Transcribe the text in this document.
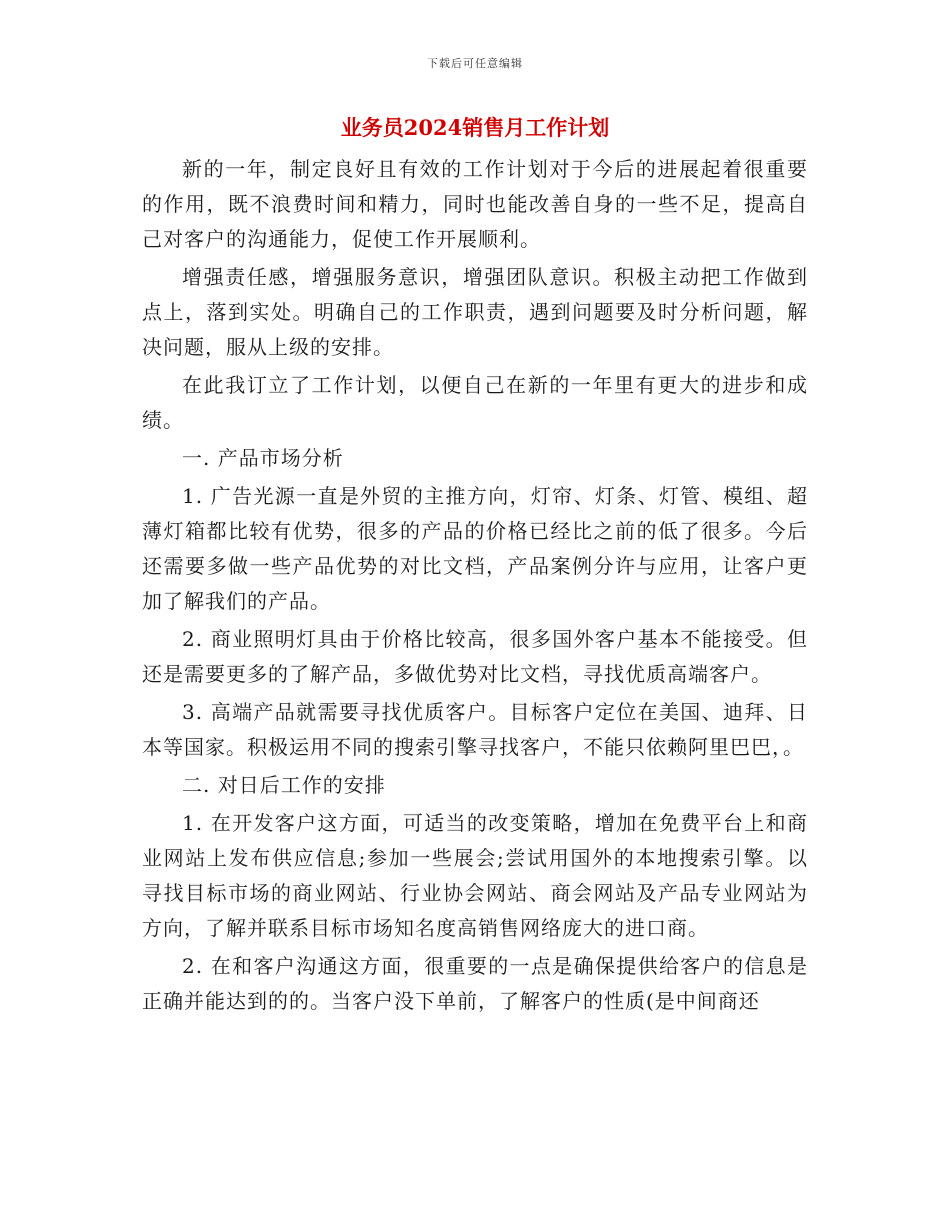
下载后可任意编辑
业务员2024销售月工作计划

新的一年，制定良好且有效的工作计划对于今后的进展起着很重要的作用，既不浪费时间和精力，同时也能改善自身的一些不足，提高自己对客户的沟通能力，促使工作开展顺利。

增强责任感，增强服务意识，增强团队意识。积极主动把工作做到点上，落到实处。明确自己的工作职责，遇到问题要及时分析问题，解决问题，服从上级的安排。

在此我订立了工作计划，以便自己在新的一年里有更大的进步和成绩。

一. 产品市场分析

1. 广告光源一直是外贸的主推方向，灯帘、灯条、灯管、模组、超薄灯箱都比较有优势，很多的产品的价格已经比之前的低了很多。今后还需要多做一些产品优势的对比文档，产品案例分许与应用，让客户更加了解我们的产品。

2. 商业照明灯具由于价格比较高，很多国外客户基本不能接受。但还是需要更多的了解产品，多做优势对比文档，寻找优质高端客户。

3. 高端产品就需要寻找优质客户。目标客户定位在美国、迪拜、日本等国家。积极运用不同的搜索引擎寻找客户，不能只依赖阿里巴巴，。

二. 对日后工作的安排

1. 在开发客户这方面，可适当的改变策略，增加在免费平台上和商业网站上发布供应信息;参加一些展会;尝试用国外的本地搜索引擎。以寻找目标市场的商业网站、行业协会网站、商会网站及产品专业网站为方向，了解并联系目标市场知名度高销售网络庞大的进口商。

2. 在和客户沟通这方面，很重要的一点是确保提供给客户的信息是正确并能达到的的。当客户没下单前，了解客户的性质(是中间商还
